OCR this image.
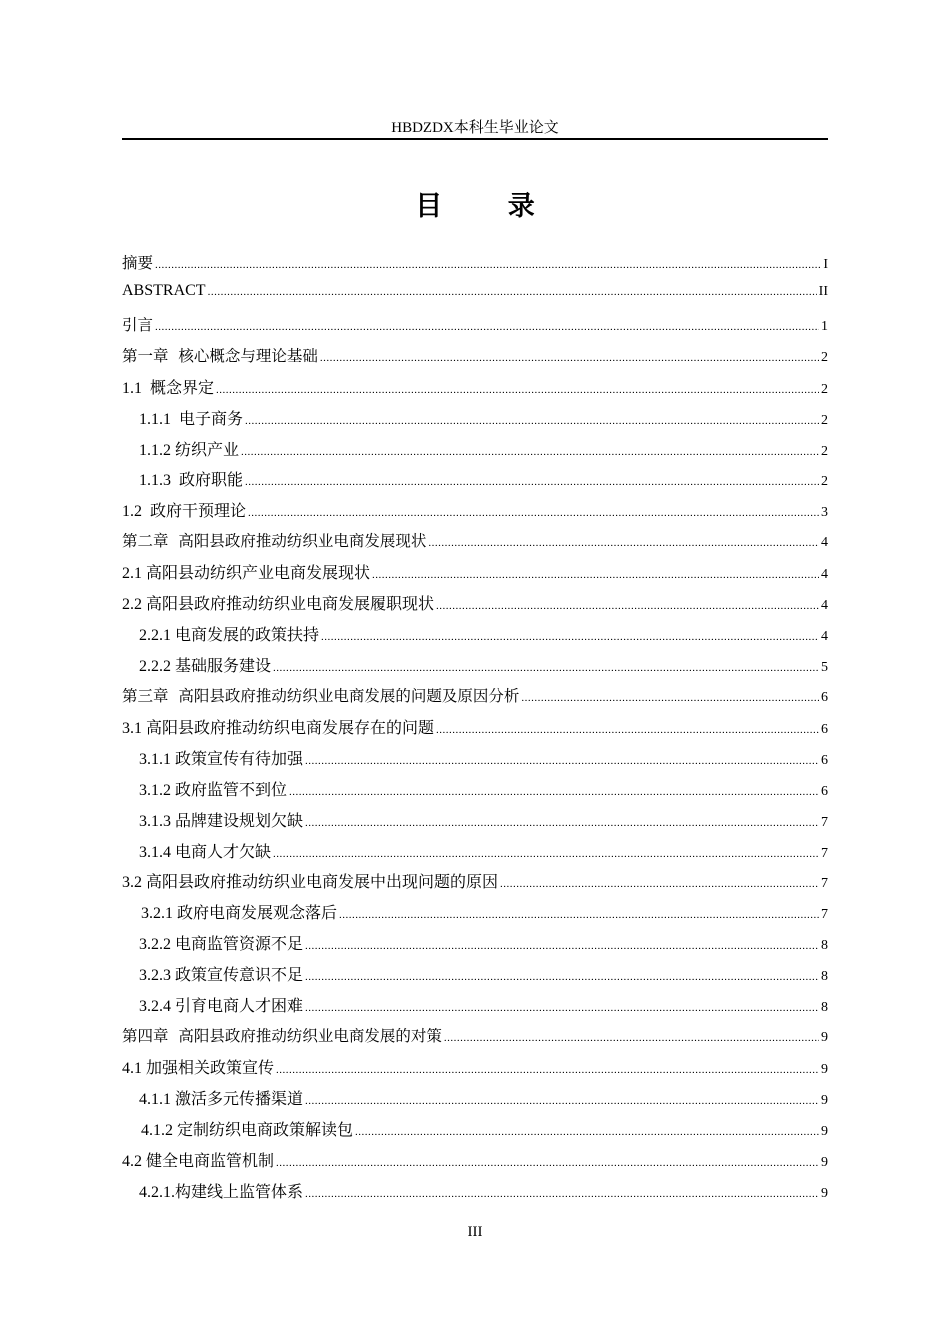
HBDZDX本科生毕业论文
目 录
摘要 .....	I
ABSTRACT .....	II
引言 .....	1
第一章  核心概念与理论基础 .....	2
1.1  概念界定 .....	2
1.1.1  电子商务 .....	2
1.1.2 纺织产业 .....	2
1.1.3  政府职能 .....	2
1.2  政府干预理论 .....	3
第二章  高阳县政府推动纺织业电商发展现状 .....	4
2.1 高阳县动纺织产业电商发展现状 .....	4
2.2 高阳县政府推动纺织业电商发展履职现状 .....	4
2.2.1 电商发展的政策扶持 .....	4
2.2.2 基础服务建设 .....	5
第三章  高阳县政府推动纺织业电商发展的问题及原因分析 .....	6
3.1 高阳县政府推动纺织电商发展存在的问题 .....	6
3.1.1 政策宣传有待加强 .....	6
3.1.2 政府监管不到位 .....	6
3.1.3 品牌建设规划欠缺 .....	7
3.1.4 电商人才欠缺 .....	7
3.2 高阳县政府推动纺织业电商发展中出现问题的原因 .....	7
3.2.1 政府电商发展观念落后 .....	7
3.2.2 电商监管资源不足 .....	8
3.2.3 政策宣传意识不足 .....	8
3.2.4 引育电商人才困难 .....	8
第四章  高阳县政府推动纺织业电商发展的对策 .....	9
4.1 加强相关政策宣传 .....	9
4.1.1 激活多元传播渠道 .....	9
4.1.2 定制纺织电商政策解读包 .....	9
4.2 健全电商监管机制 .....	9
4.2.1.构建线上监管体系 .....	9
III
